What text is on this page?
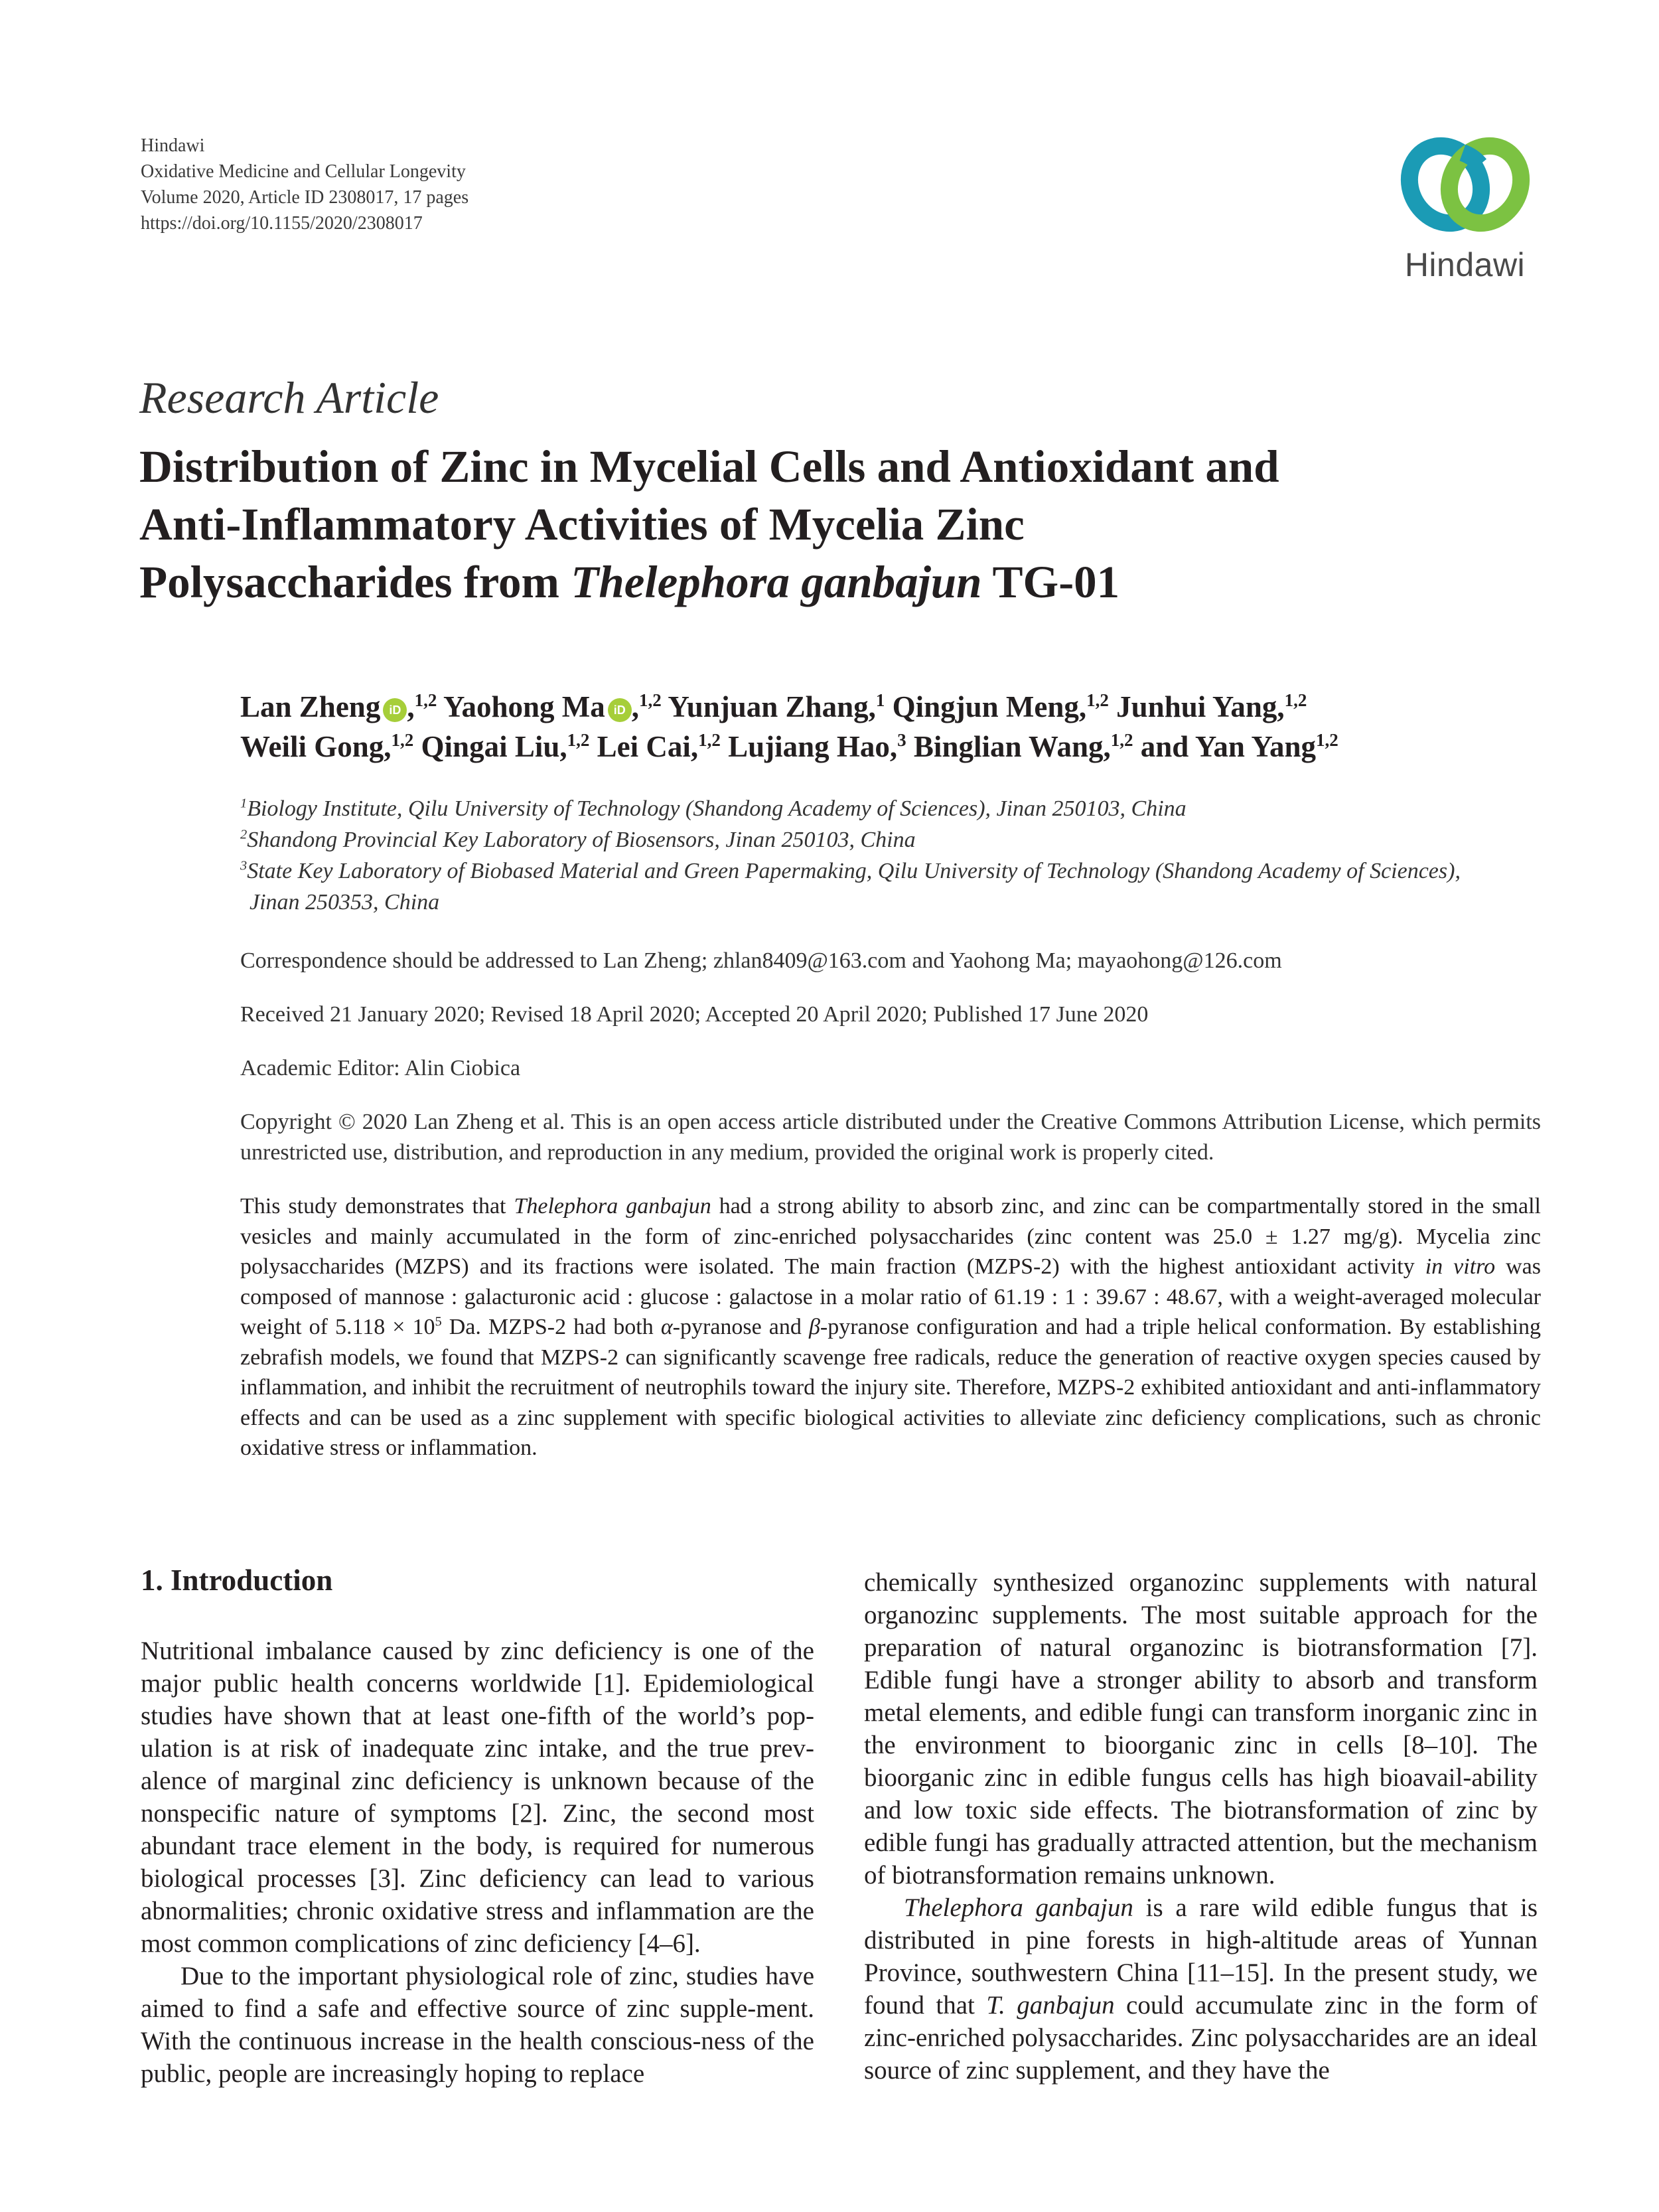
Hindawi
Oxidative Medicine and Cellular Longevity
Volume 2020, Article ID 2308017, 17 pages
https://doi.org/10.1155/2020/2308017
Hindawi
Research Article
Distribution of Zinc in Mycelial Cells and Antioxidant and
Anti-Inflammatory Activities of Mycelia Zinc
Polysaccharides from Thelephora ganbajun TG-01
Lan Zheng iD ,$^{1,2}$ Yaohong Ma iD ,$^{1,2}$ Yunjuan Zhang,$^1$ Qingjun Meng,$^{1,2}$ Junhui Yang,$^{1,2}$
Weili Gong,$^{1,2}$ Qingai Liu,$^{1,2}$ Lei Cai,$^{1,2}$ Lujiang Hao,$^3$ Binglian Wang,$^{1,2}$ and Yan Yang$^{1,2}$
$^1$Biology Institute, Qilu University of Technology (Shandong Academy of Sciences), Jinan 250103, China
$^2$Shandong Provincial Key Laboratory of Biosensors, Jinan 250103, China
$^3$State Key Laboratory of Biobased Material and Green Papermaking, Qilu University of Technology (Shandong Academy of Sciences),
Jinan 250353, China
Correspondence should be addressed to Lan Zheng; zhlan8409@163.com and Yaohong Ma; mayaohong@126.com
Received 21 January 2020; Revised 18 April 2020; Accepted 20 April 2020; Published 17 June 2020
Academic Editor: Alin Ciobica
Copyright © 2020 Lan Zheng et al. This is an open access article distributed under the Creative Commons Attribution License, which permits unrestricted use, distribution, and reproduction in any medium, provided the original work is properly cited.
This study demonstrates that Thelephora ganbajun had a strong ability to absorb zinc, and zinc can be compartmentally stored in the small vesicles and mainly accumulated in the form of zinc-enriched polysaccharides (zinc content was 25.0 ± 1.27 mg/g). Mycelia zinc polysaccharides (MZPS) and its fractions were isolated. The main fraction (MZPS-2) with the highest antioxidant activity in vitro was composed of mannose : galacturonic acid : glucose : galactose in a molar ratio of 61.19 : 1 : 39.67 : 48.67, with a weight-averaged molecular weight of $5.118 \times 10^5$ Da. MZPS-2 had both α-pyranose and β-pyranose configuration and had a triple helical conformation. By establishing zebrafish models, we found that MZPS-2 can significantly scavenge free radicals, reduce the generation of reactive oxygen species caused by inflammation, and inhibit the recruitment of neutrophils toward the injury site. Therefore, MZPS-2 exhibited antioxidant and anti-inflammatory effects and can be used as a zinc supplement with specific biological activities to alleviate zinc deficiency complications, such as chronic oxidative stress or inflammation.
1. Introduction

Nutritional imbalance caused by zinc deficiency is one of the major public health concerns worldwide [1]. Epidemiological studies have shown that at least one-fifth of the world’s pop-ulation is at risk of inadequate zinc intake, and the true prev-alence of marginal zinc deficiency is unknown because of the nonspecific nature of symptoms [2]. Zinc, the second most abundant trace element in the body, is required for numerous biological processes [3]. Zinc deficiency can lead to various abnormalities; chronic oxidative stress and inflammation are the most common complications of zinc deficiency [4–6].

Due to the important physiological role of zinc, studies have aimed to find a safe and effective source of zinc supple-ment. With the continuous increase in the health conscious-ness of the public, people are increasingly hoping to replace

chemically synthesized organozinc supplements with natural organozinc supplements. The most suitable approach for the preparation of natural organozinc is biotransformation [7]. Edible fungi have a stronger ability to absorb and transform metal elements, and edible fungi can transform inorganic zinc in the environment to bioorganic zinc in cells [8–10]. The bioorganic zinc in edible fungus cells has high bioavail-ability and low toxic side effects. The biotransformation of zinc by edible fungi has gradually attracted attention, but the mechanism of biotransformation remains unknown.

Thelephora ganbajun is a rare wild edible fungus that is distributed in pine forests in high-altitude areas of Yunnan Province, southwestern China [11–15]. In the present study, we found that T. ganbajun could accumulate zinc in the form of zinc-enriched polysaccharides. Zinc polysaccharides are an ideal source of zinc supplement, and they have the
